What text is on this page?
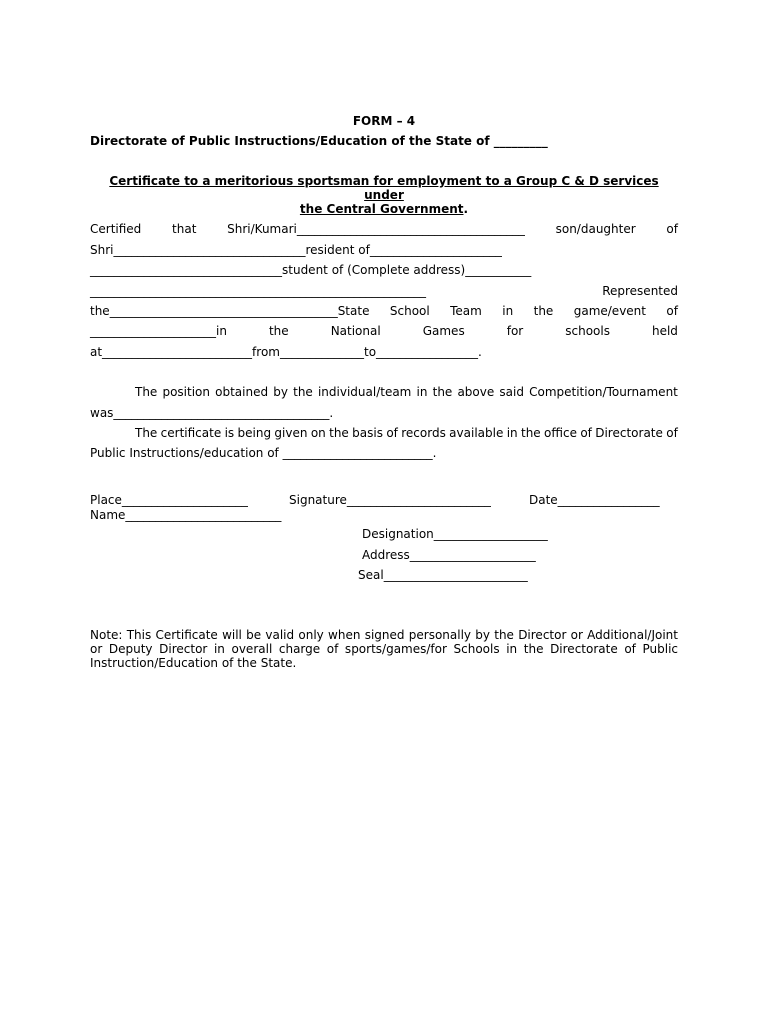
FORM – 4
Directorate of Public Instructions/Education of the State of _________
Certificate to a meritorious sportsman for employment to a Group C & D services under
the Central Government.
Certified	that	Shri/Kumari______________________________________	son/daughter	of
Shri________________________________resident of______________________
________________________________student of (Complete address)___________
________________________________________________________	Represented
the______________________________________State School Team in the game/event of
_____________________in	the	National	Games	for	schools	held
at_________________________from______________to_________________.
The position obtained by the individual/team in the above said Competition/Tournament
was____________________________________.
The certificate is being given on the basis of records available in the office of Directorate of
Public Instructions/education of _________________________.
Place_____________________	Signature________________________	Date_________________
Name__________________________
Designation___________________
Address_____________________
Seal________________________
Note: This Certificate will be valid only when signed personally by the Director or Additional/Joint or Deputy Director in overall charge of sports/games/for Schools in the Directorate of Public Instruction/Education of the State.
